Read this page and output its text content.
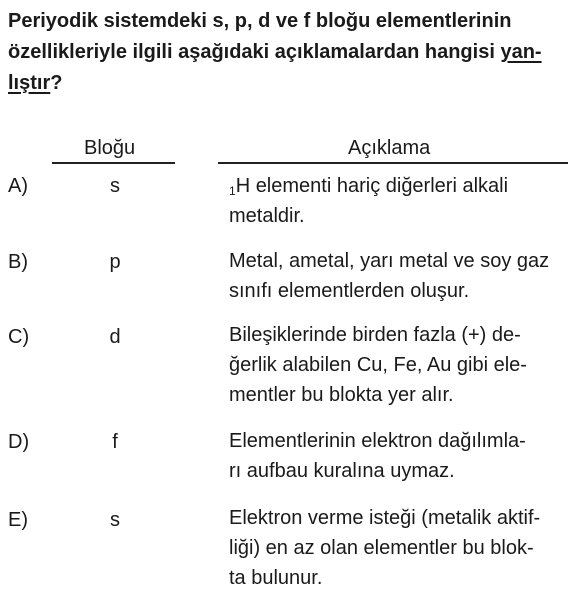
Periyodik sistemdeki s, p, d ve f bloğu elementlerinin
özellikleriyle ilgili aşağıdaki açıklamalardan hangisi yan-
lıştır?
Bloğu	Açıklama
A)	s	$_1$H elementi hariç diğerleri alkali
metaldir.
B)	p	Metal, ametal, yarı metal ve soy gaz
sınıfı elementlerden oluşur.
C)	d	Bileşiklerinde birden fazla (+) de-
ğerlik alabilen Cu, Fe, Au gibi ele-
mentler bu blokta yer alır.
D)	f	Elementlerinin elektron dağılımla-
rı aufbau kuralına uymaz.
E)	s	Elektron verme isteği (metalik aktif-
liği) en az olan elementler bu blok-
ta bulunur.
